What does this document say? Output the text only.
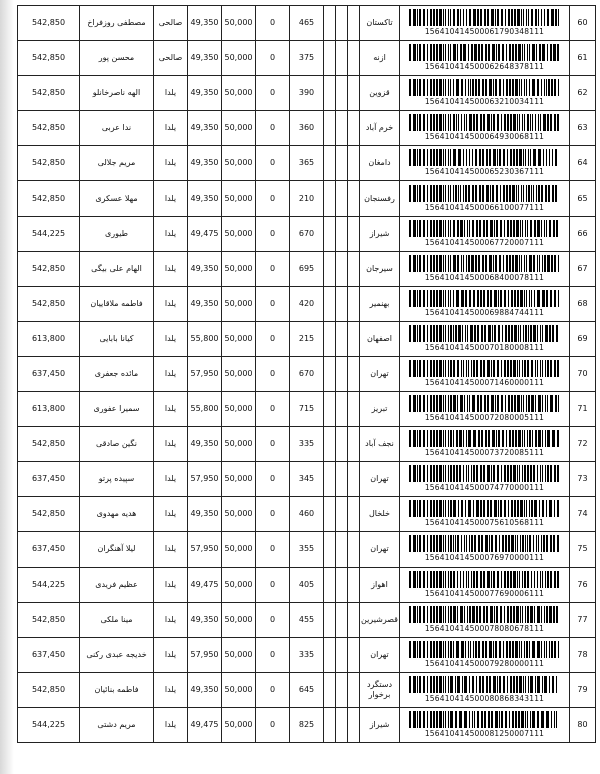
542,850	مصطفی روزفراخ	صالحی	49,350	50,000	0	465				تاکستان	156410414500061790348111	60
542,850	محسن پور	صالحی	49,350	50,000	0	375				ازنه	156410414500062648378111	61
542,850	الهه ناصرخانلو	یلدا	49,350	50,000	0	390				قزوین	156410414500063210034111	62
542,850	ندا عربی	یلدا	49,350	50,000	0	360				خرم آباد	156410414500064930068111	63
542,850	مریم جلالی	یلدا	49,350	50,000	0	365				دامغان	156410414500065230367111	64
542,850	مهلا عسکری	یلدا	49,350	50,000	0	210				رفسنجان	156410414500066100077111	65
544,225	طیوری	یلدا	49,475	50,000	0	670				شیراز	156410414500067720007111	66
542,850	الهام علی بیگی	یلدا	49,350	50,000	0	695				سیرجان	156410414500068400078111	67
542,850	فاطمه ملاقاییان	یلدا	49,350	50,000	0	420				بهنمیر	156410414500069884744111	68
613,800	کیانا بابایی	یلدا	55,800	50,000	0	215				اصفهان	156410414500070180008111	69
637,450	مائده جعفری	یلدا	57,950	50,000	0	670				تهران	156410414500071460000111	70
613,800	سمیرا عفوری	یلدا	55,800	50,000	0	715				تبریز	156410414500072080005111	71
542,850	نگین صادقی	یلدا	49,350	50,000	0	335				نجف آباد	156410414500073720085111	72
637,450	سپیده پرتو	یلدا	57,950	50,000	0	345				تهران	156410414500074770000111	73
542,850	هدیه مهدوی	یلدا	49,350	50,000	0	460				خلخال	156410414500075610568111	74
637,450	لیلا آهنگران	یلدا	57,950	50,000	0	355				تهران	156410414500076970000111	75
544,225	عظیم فریدی	یلدا	49,475	50,000	0	405				اهواز	156410414500077690006111	76
542,850	مینا ملکی	یلدا	49,350	50,000	0	455				قصرشیرین	156410414500078080678111	77
637,450	خدیجه عبدی رکنی	یلدا	57,950	50,000	0	335				تهران	156410414500079280000111	78
542,850	فاطمه بنائیان	یلدا	49,350	50,000	0	645				دستگرد برخوار	156410414500080868343111	79
544,225	مریم دشتی	یلدا	49,475	50,000	0	825				شیراز	156410414500081250007111	80
